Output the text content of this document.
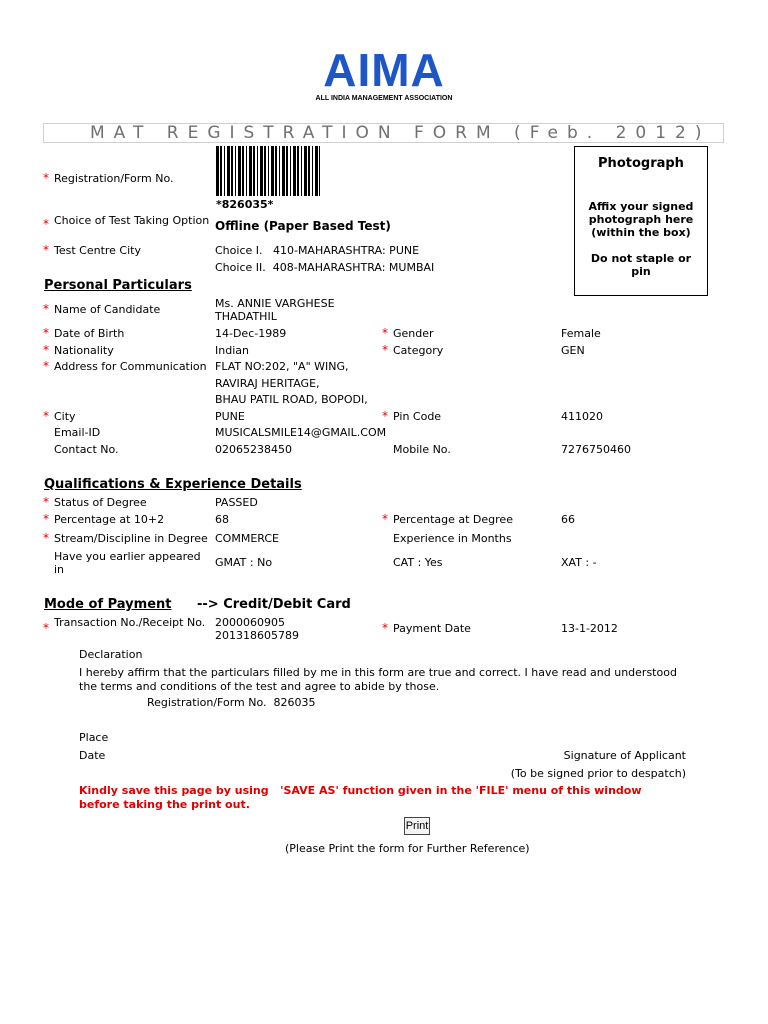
AIMA
ALL INDIA MANAGEMENT ASSOCIATION
MAT REGISTRATION FORM (Feb. 2012)
* Registration/Form No.
*826035*
Photograph
Affix your signed photograph here (within the box)
Do not staple or pin
* Choice of Test Taking Option Offline (Paper Based Test)
* Test Centre City	Choice I.   410-MAHARASHTRA: PUNE
Choice II.  408-MAHARASHTRA: MUMBAI
Personal Particulars
* Name of Candidate	Ms. ANNIE VARGHESE THADATHIL
* Date of Birth	14-Dec-1989	* Gender	Female
* Nationality	Indian	* Category	GEN
* Address for Communication FLAT NO:202, "A" WING,
RAVIRAJ HERITAGE,
BHAU PATIL ROAD, BOPODI,
* City	PUNE	* Pin Code	411020
Email-ID	MUSICALSMILE14@GMAIL.COM
Contact No.	02065238450	Mobile No.	7276750460
Qualifications & Experience Details
* Status of Degree	PASSED
* Percentage at 10+2	68	* Percentage at Degree	66
* Stream/Discipline in Degree COMMERCE	Experience in Months
Have you earlier appeared in
GMAT : No	CAT : Yes	XAT : -
Mode of Payment --> Credit/Debit Card
* Transaction No./Receipt No. 2000060905
201318605789
* Payment Date	13-1-2012
Declaration
I hereby affirm that the particulars filled by me in this form are true and correct. I have read and understood the terms and conditions of the test and agree to abide by those.
Registration/Form No.  826035
Place
Date	Signature of Applicant
(To be signed prior to despatch)
Kindly save this page by using   'SAVE AS' function given in the 'FILE' menu of this window
before taking the print out.
Print
(Please Print the form for Further Reference)
